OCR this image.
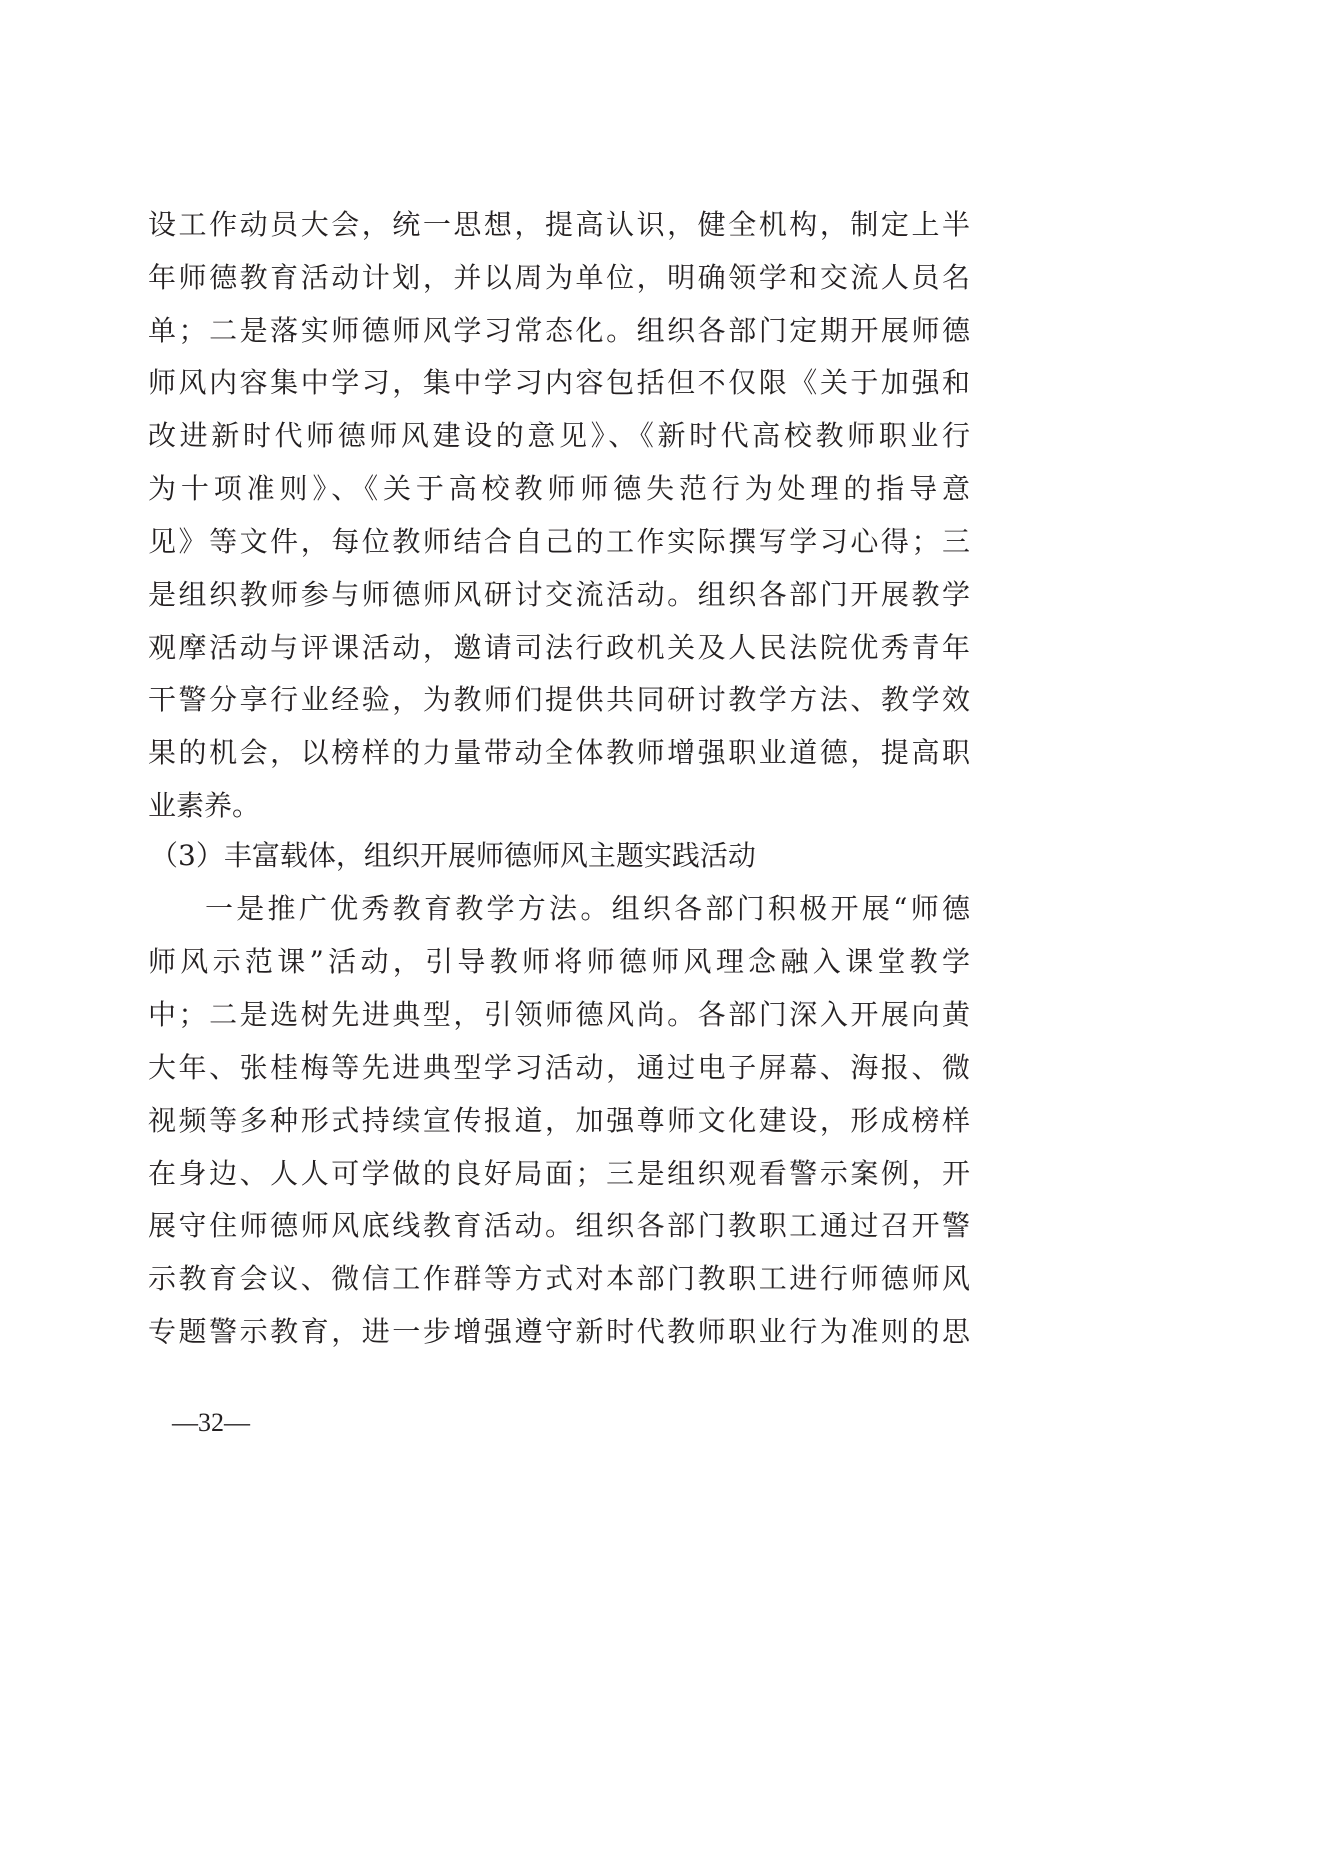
设工作动员大会，统一思想，提高认识，健全机构，制定上半
年师德教育活动计划，并以周为单位，明确领学和交流人员名
单；二是落实师德师风学习常态化。组织各部门定期开展师德
师风内容集中学习，集中学习内容包括但不仅限《关于加强和
改进新时代师德师风建设的意见》、《新时代高校教师职业行
为十项准则》、《关于高校教师师德失范行为处理的指导意
见》等文件，每位教师结合自己的工作实际撰写学习心得；三
是组织教师参与师德师风研讨交流活动。组织各部门开展教学
观摩活动与评课活动，邀请司法行政机关及人民法院优秀青年
干警分享行业经验，为教师们提供共同研讨教学方法、教学效
果的机会，以榜样的力量带动全体教师增强职业道德，提高职
业素养。
（3）丰富载体，组织开展师德师风主题实践活动
一是推广优秀教育教学方法。组织各部门积极开展“师德
师风示范课”活动，引导教师将师德师风理念融入课堂教学
中；二是选树先进典型，引领师德风尚。各部门深入开展向黄
大年、张桂梅等先进典型学习活动，通过电子屏幕、海报、微
视频等多种形式持续宣传报道，加强尊师文化建设，形成榜样
在身边、人人可学做的良好局面；三是组织观看警示案例，开
展守住师德师风底线教育活动。组织各部门教职工通过召开警
示教育会议、微信工作群等方式对本部门教职工进行师德师风
专题警示教育，进一步增强遵守新时代教师职业行为准则的思
—32—
